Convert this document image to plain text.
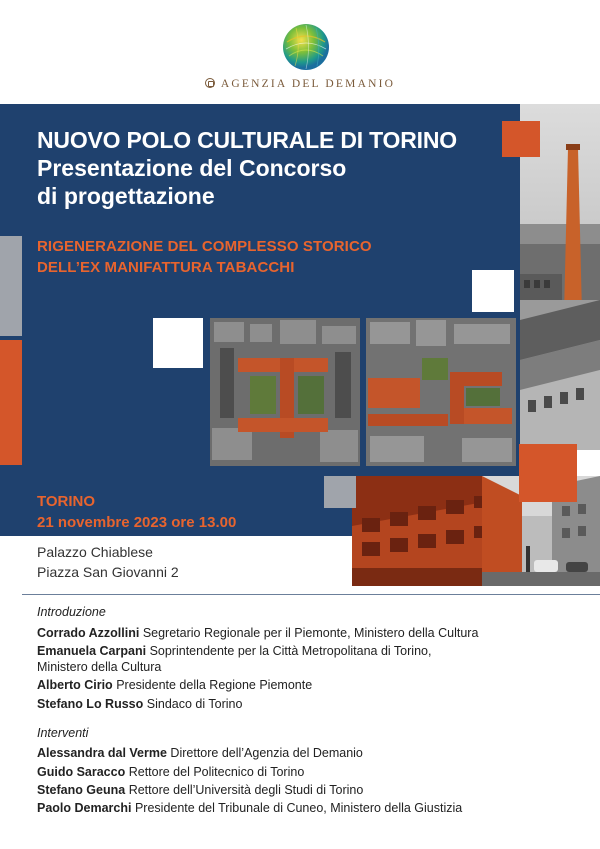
AGENZIA DEL DEMANIO
NUOVO POLO CULTURALE DI TORINO
Presentazione del Concorso
di progettazione
RIGENERAZIONE DEL COMPLESSO STORICO
DELL’EX MANIFATTURA TABACCHI
TORINO
21 novembre 2023 ore 13.00
Palazzo Chiablese
Piazza San Giovanni 2
Introduzione
Corrado Azzollini Segretario Regionale per il Piemonte, Ministero della Cultura
Emanuela Carpani Soprintendente per la Città Metropolitana di Torino,
Ministero della Cultura
Alberto Cirio Presidente della Regione Piemonte
Stefano Lo Russo Sindaco di Torino
Interventi
Alessandra dal Verme Direttore dell’Agenzia del Demanio
Guido Saracco Rettore del Politecnico di Torino
Stefano Geuna Rettore dell’Università degli Studi di Torino
Paolo Demarchi Presidente del Tribunale di Cuneo, Ministero della Giustizia
